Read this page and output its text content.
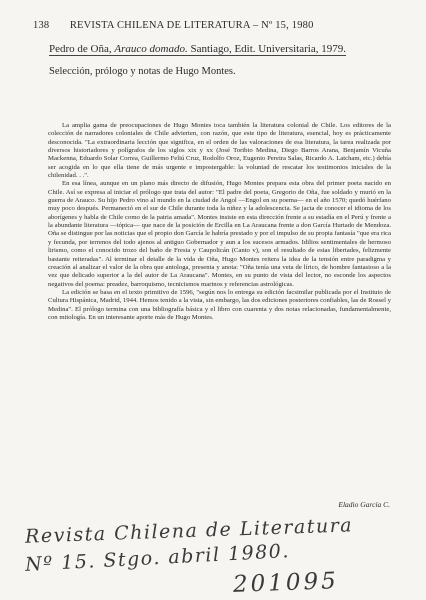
138 REVISTA CHILENA DE LITERATURA – Nº 15, 1980
Pedro de Oña, Arauco domado. Santiago, Edit. Universitaria, 1979.
Selección, prólogo y notas de Hugo Montes.

La amplia gama de preocupaciones de Hugo Montes toca también la literatura colonial de Chile. Los editores de la colección de narradores coloniales de Chile advierten, con razón, que este tipo de literatura, esencial, hoy es prácticamente desconocida. "La extraordinaria lección que significa, en el orden de las valoraciones de esa literatura, la tarea realizada por diversos historiadores y polígrafos de los siglos xix y xx (José Toribio Medina, Diego Barros Arana, Benjamín Vicuña Mackenna, Eduardo Solar Correa, Guillermo Feliú Cruz, Rodolfo Oroz, Eugenio Pereira Salas, Ricardo A. Latcham, etc.) debía ser acogida en lo que ella tiene de más urgente e impostergable: la voluntad de rescatar los testimonios iniciales de la chilenidad. . .".

En esa línea, aunque en un plano más directo de difusión, Hugo Montes prepara esta obra del primer poeta nacido en Chile. Así se expresa al iniciar el prólogo que trata del autor: "El padre del poeta, Gregorio de Oña, fue soldado y murió en la guerra de Arauco. Su hijo Pedro vino al mundo en la ciudad de Angol —Engol en su poema— en el año 1570; quedó huérfano muy poco después. Permaneció en el sur de Chile durante toda la niñez y la adolescencia. Se jacta de conocer el idioma de los aborígenes y habla de Chile como de la patria amada". Montes insiste en esta dirección frente a su estadía en el Perú y frente a la abundante literatura —tópica— que nace de la posición de Ercilla en La Araucana frente a don García Hurtado de Mendoza. Oña se distingue por las noticias que el propio don García le habría prestado y por el impulso de su propia fantasía "que era rica y fecunda, por terrenos del todo ajenos al antiguo Gobernador y aun a los sucesos armados. Idilios sentimentales de hermoso lirismo, como el conocido trozo del baño de Fresia y Caupolicán (Canto v), son el resultado de estas libertades, felizmente bastante reiteradas". Al terminar el detalle de la vida de Oña, Hugo Montes reitera la idea de la tensión entre paradigma y creación al analizar el valor de la obra que antologa, presenta y anota: "Oña tenía una veta de lírico, de hombre fantasioso a la vez que delicado superior a la del autor de La Araucana". Montes, en su punto de vista del lector, no esconde los aspectos negativos del poema: preadez, barroquismo, tecnicismos marinos y referencias astrológicas.

La edición se basa en el texto primitivo de 1596, "según nos lo entrega su edición facsimilar publicada por el Instituto de Cultura Hispánica, Madrid, 1944. Hemos tenido a la vista, sin embargo, las dos ediciones posteriores confiables, las de Rossel y Medina". El prólogo termina con una bibliografía básica y el libro con cuarenta y dos notas relacionadas, fundamentalmente, con mitología. En un interesante aporte más de Hugo Montes.

Eladio García C.
Revista Chilena de Literatura
Nº 15. Stgo. abril 1980.
201095
